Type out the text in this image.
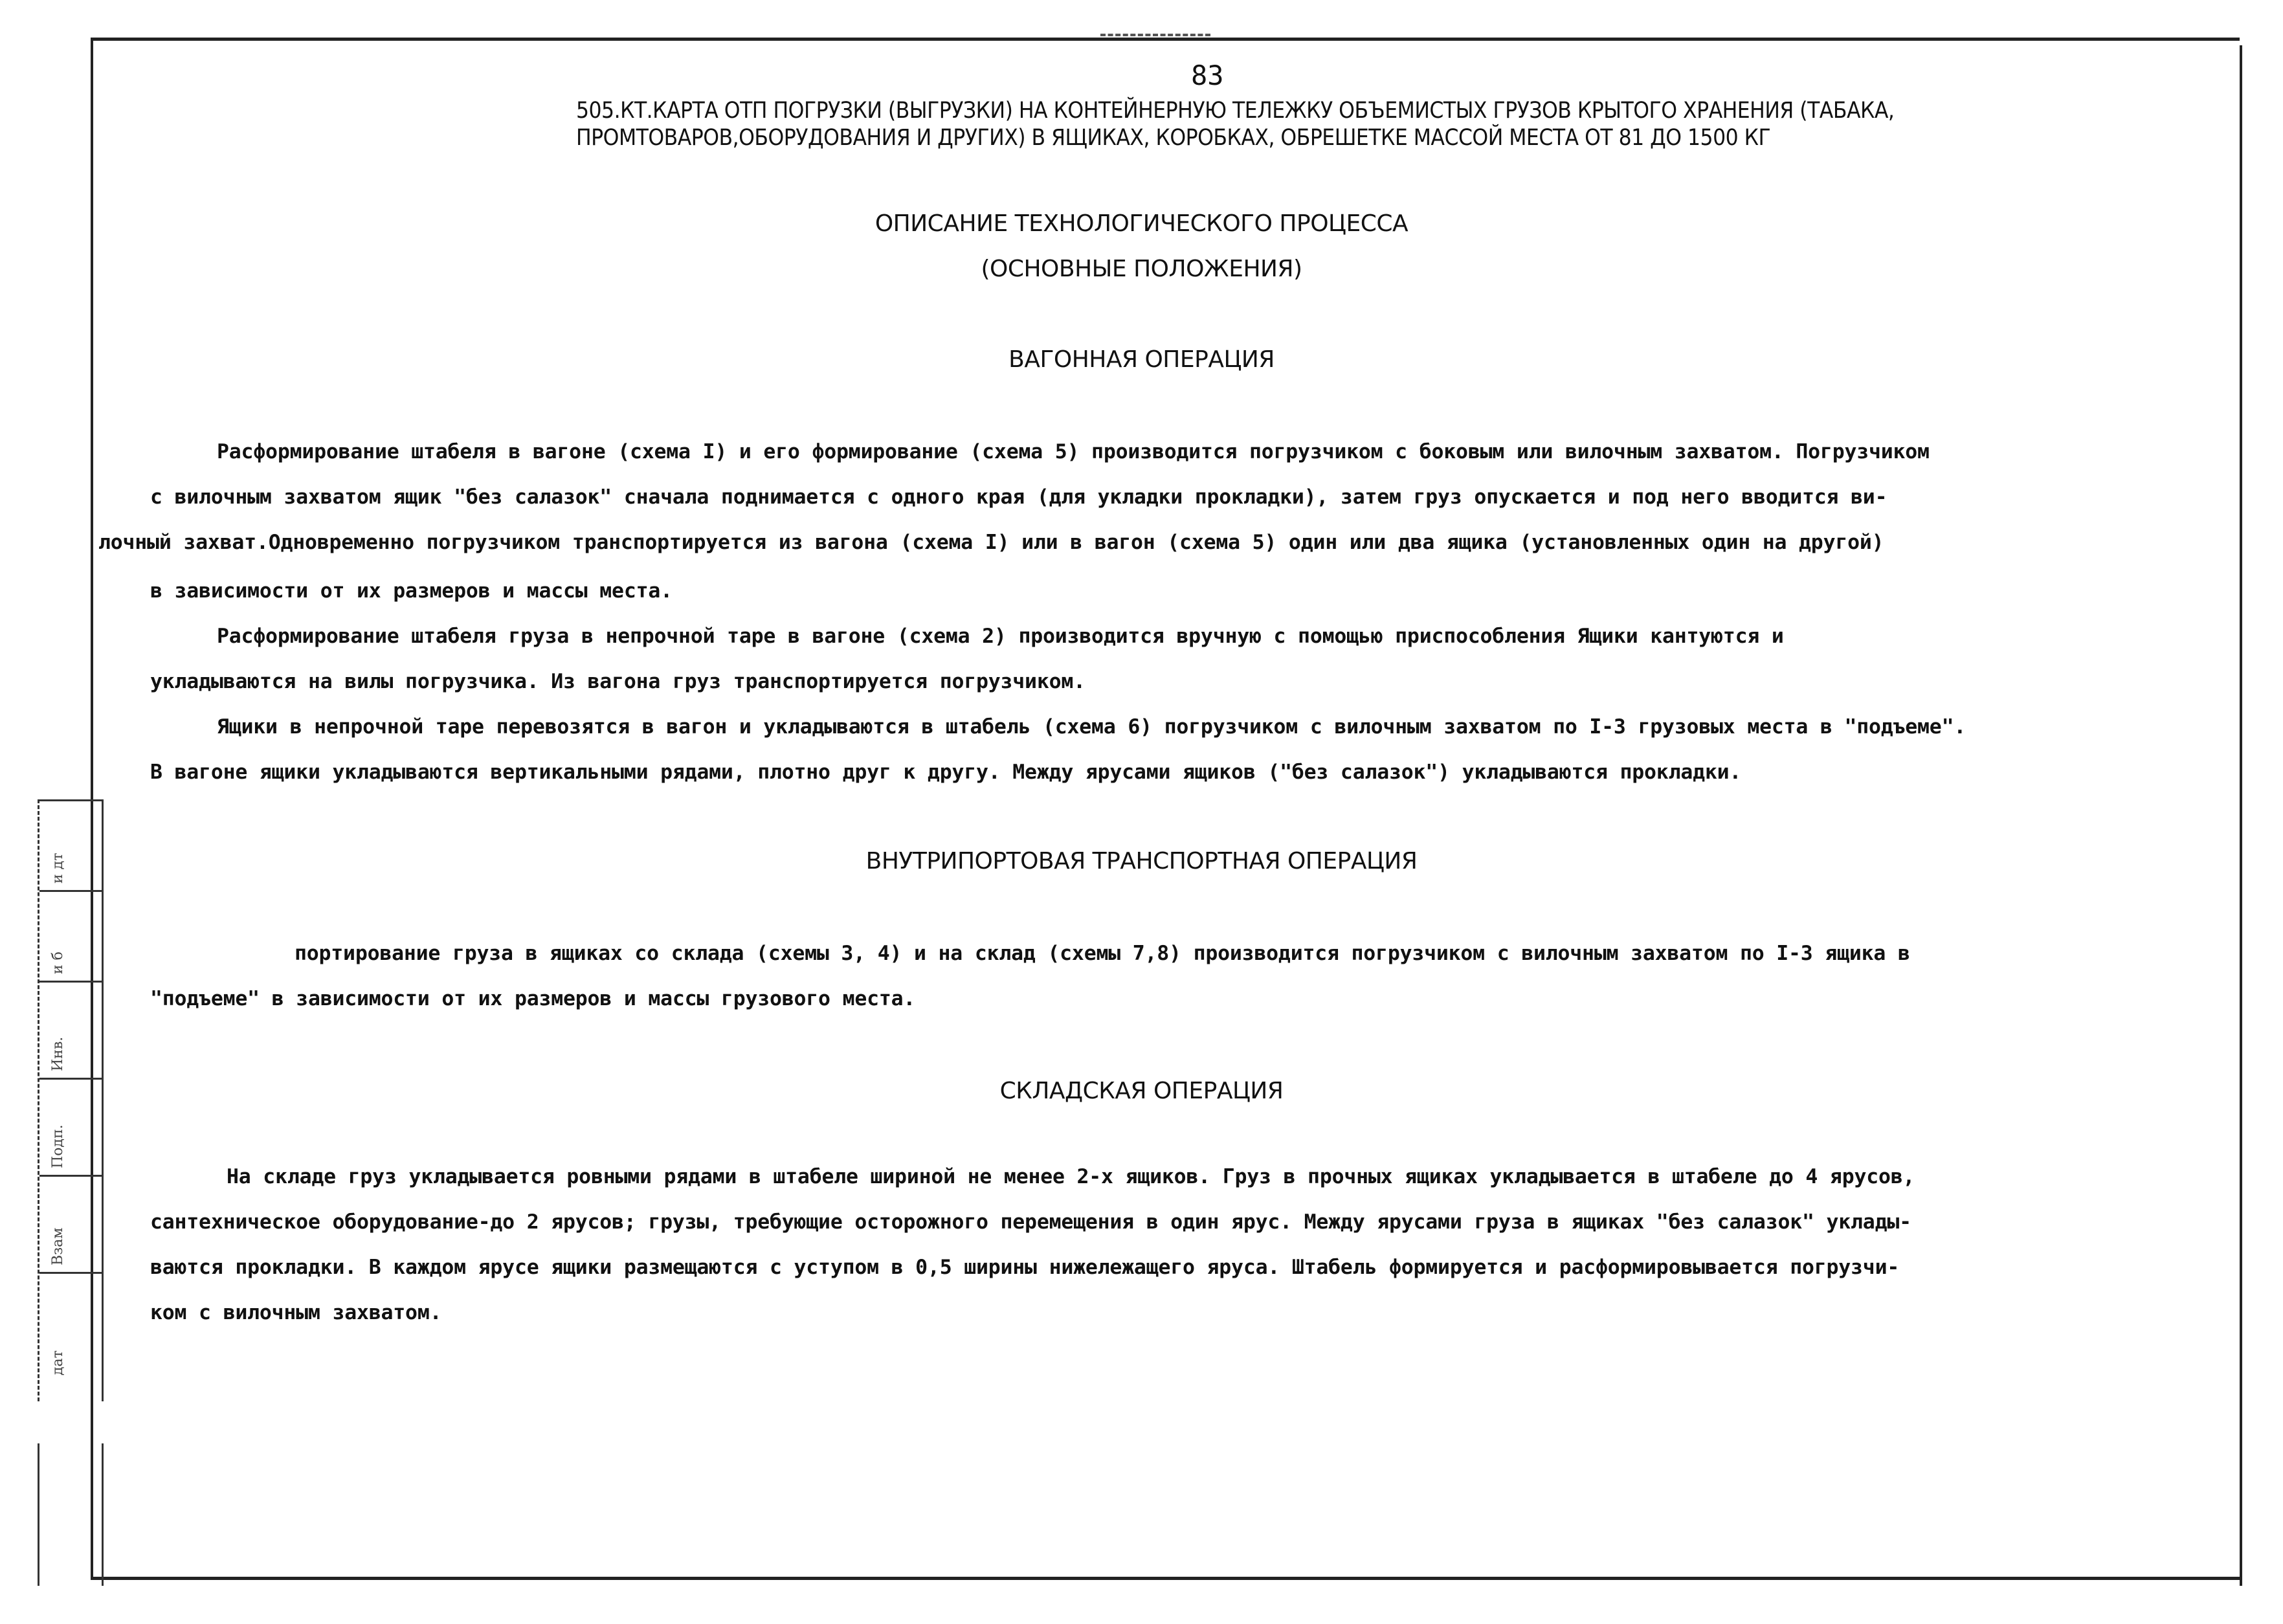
и дт
и б
Инв.
Подп.
Взам
дат
83
505.КТ.КАРТА ОТП ПОГРУЗКИ (ВЫГРУЗКИ) НА КОНТЕЙНЕРНУЮ ТЕЛЕЖКУ ОБЪЕМИСТЫХ ГРУЗОВ КРЫТОГО ХРАНЕНИЯ (ТАБАКА,
ПРОМТОВАРОВ,ОБОРУДОВАНИЯ И ДРУГИХ) В ЯЩИКАХ, КОРОБКАХ, ОБРЕШЕТКЕ МАССОЙ МЕСТА ОТ 81 ДО 1500 КГ
ОПИСАНИЕ ТЕХНОЛОГИЧЕСКОГО ПРОЦЕССА
(ОСНОВНЫЕ ПОЛОЖЕНИЯ)
ВАГОННАЯ ОПЕРАЦИЯ
Расформирование штабеля в вагоне (схема I) и его формирование (схема 5) производится погрузчиком с боковым или вилочным захватом. Погрузчиком
с вилочным захватом ящик "без салазок" сначала поднимается с одного края (для укладки прокладки), затем груз опускается и под него вводится ви-
лочный захват.Одновременно погрузчиком транспортируется из вагона (схема I) или в вагон (схема 5) один или два ящика (установленных один на другой)
в зависимости от их размеров и массы места.
Расформирование штабеля груза в непрочной таре в вагоне (схема 2) производится вручную с помощью приспособления Ящики кантуются и
укладываются на вилы погрузчика. Из вагона груз транспортируется погрузчиком.
Ящики в непрочной таре перевозятся в вагон и укладываются в штабель (схема 6) погрузчиком с вилочным захватом по I-3 грузовых места в "подъеме".
В вагоне ящики укладываются вертикальными рядами, плотно друг к другу. Между ярусами ящиков ("без салазок") укладываются прокладки.
ВНУТРИПОРТОВАЯ ТРАНСПОРТНАЯ ОПЕРАЦИЯ
портирование груза в ящиках со склада (схемы 3, 4) и на склад (схемы 7,8) производится погрузчиком с вилочным захватом по I-3 ящика в
"подъеме" в зависимости от их размеров и массы грузового места.
СКЛАДСКАЯ ОПЕРАЦИЯ
На складе груз укладывается ровными рядами в штабеле шириной не менее 2-х ящиков. Груз в прочных ящиках укладывается в штабеле до 4 ярусов,
сантехническое оборудование-до 2 ярусов; грузы, требующие осторожного перемещения в один ярус. Между ярусами груза в ящиках "без салазок" уклады-
ваются прокладки. В каждом ярусе ящики размещаются с уступом в 0,5 ширины нижележащего яруса. Штабель формируется и расформировывается погрузчи-
ком с вилочным захватом.
